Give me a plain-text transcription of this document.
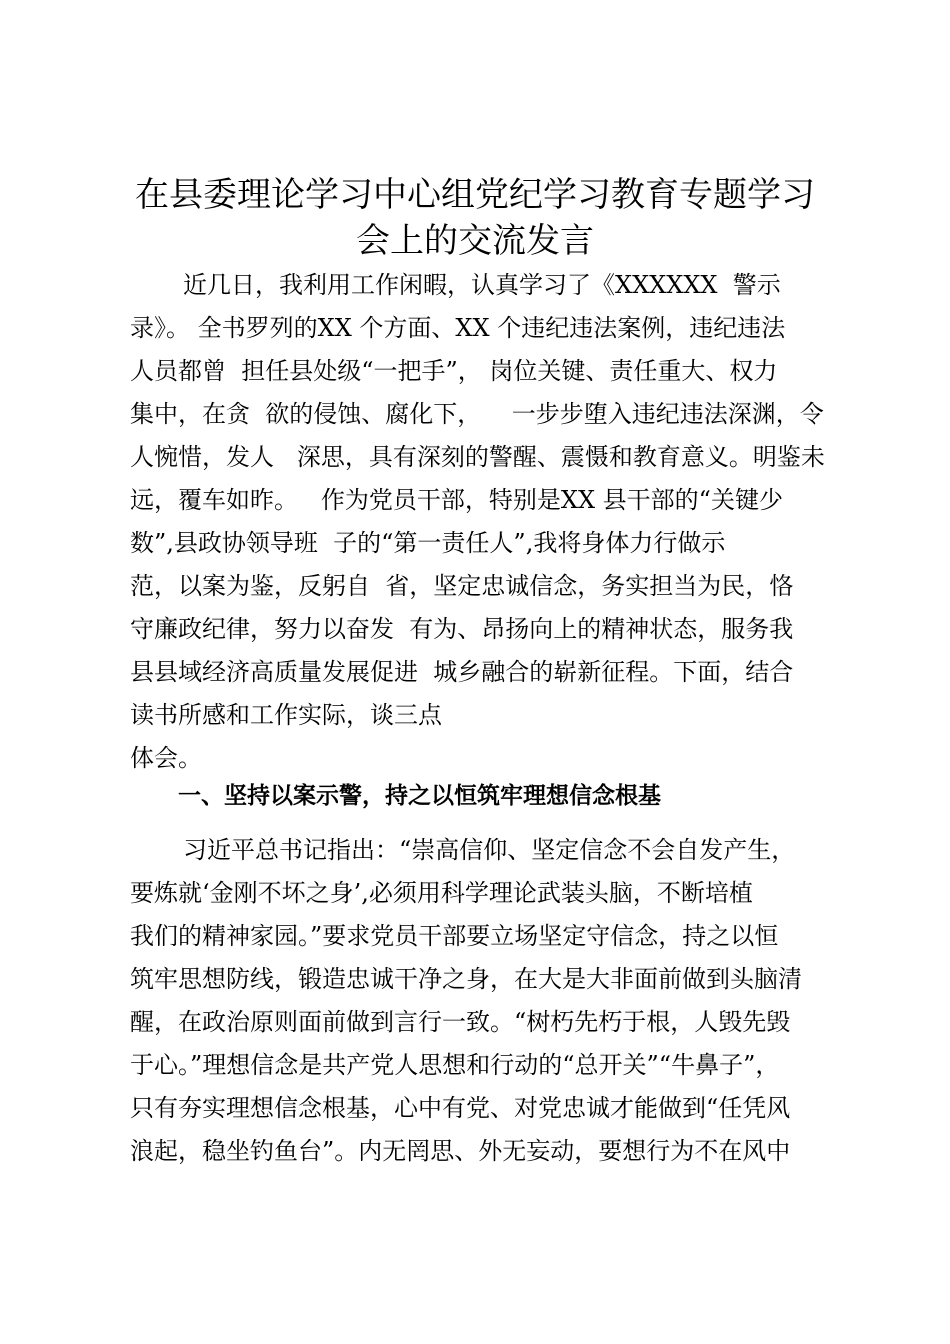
在县委理论学习中心组党纪学习教育专题学习
会上的交流发言
近几日，我利用工作闲暇，认真学习了《XXXXXX  警示
录》。 全书罗列的XX 个方面、XX 个违纪违法案例，违纪违法
人员都曾  担任县处级“一把手”， 岗位关键、责任重大、权力
集中，在贪  欲的侵蚀、腐化下，    一步步堕入违纪违法深渊，令
人惋惜，发人   深思，具有深刻的警醒、震慑和教育意义。明鉴未
远，覆车如昨。   作为党员干部，特别是XX 县干部的“关键少
数”,县政协领导班  子的“第一责任人”,我将身体力行做示
范，以案为鉴，反躬自  省，坚定忠诚信念，务实担当为民，恪
守廉政纪律，努力以奋发  有为、昂扬向上的精神状态，服务我
县县域经济高质量发展促进  城乡融合的崭新征程。下面，结合
读书所感和工作实际，谈三点
体会。
一、坚持以案示警，持之以恒筑牢理想信念根基
习近平总书记指出：“崇高信仰、坚定信念不会自发产生，
要炼就‘金刚不坏之身’,必须用科学理论武装头脑，不断培植
我们的精神家园。”要求党员干部要立场坚定守信念，持之以恒
筑牢思想防线，锻造忠诚干净之身，在大是大非面前做到头脑清
醒，在政治原则面前做到言行一致。“树朽先朽于根，人毁先毁
于心。”理想信念是共产党人思想和行动的“总开关”“牛鼻子”，
只有夯实理想信念根基，心中有党、对党忠诚才能做到“任凭风
浪起，稳坐钓鱼台”。内无罔思、外无妄动，要想行为不在风中
